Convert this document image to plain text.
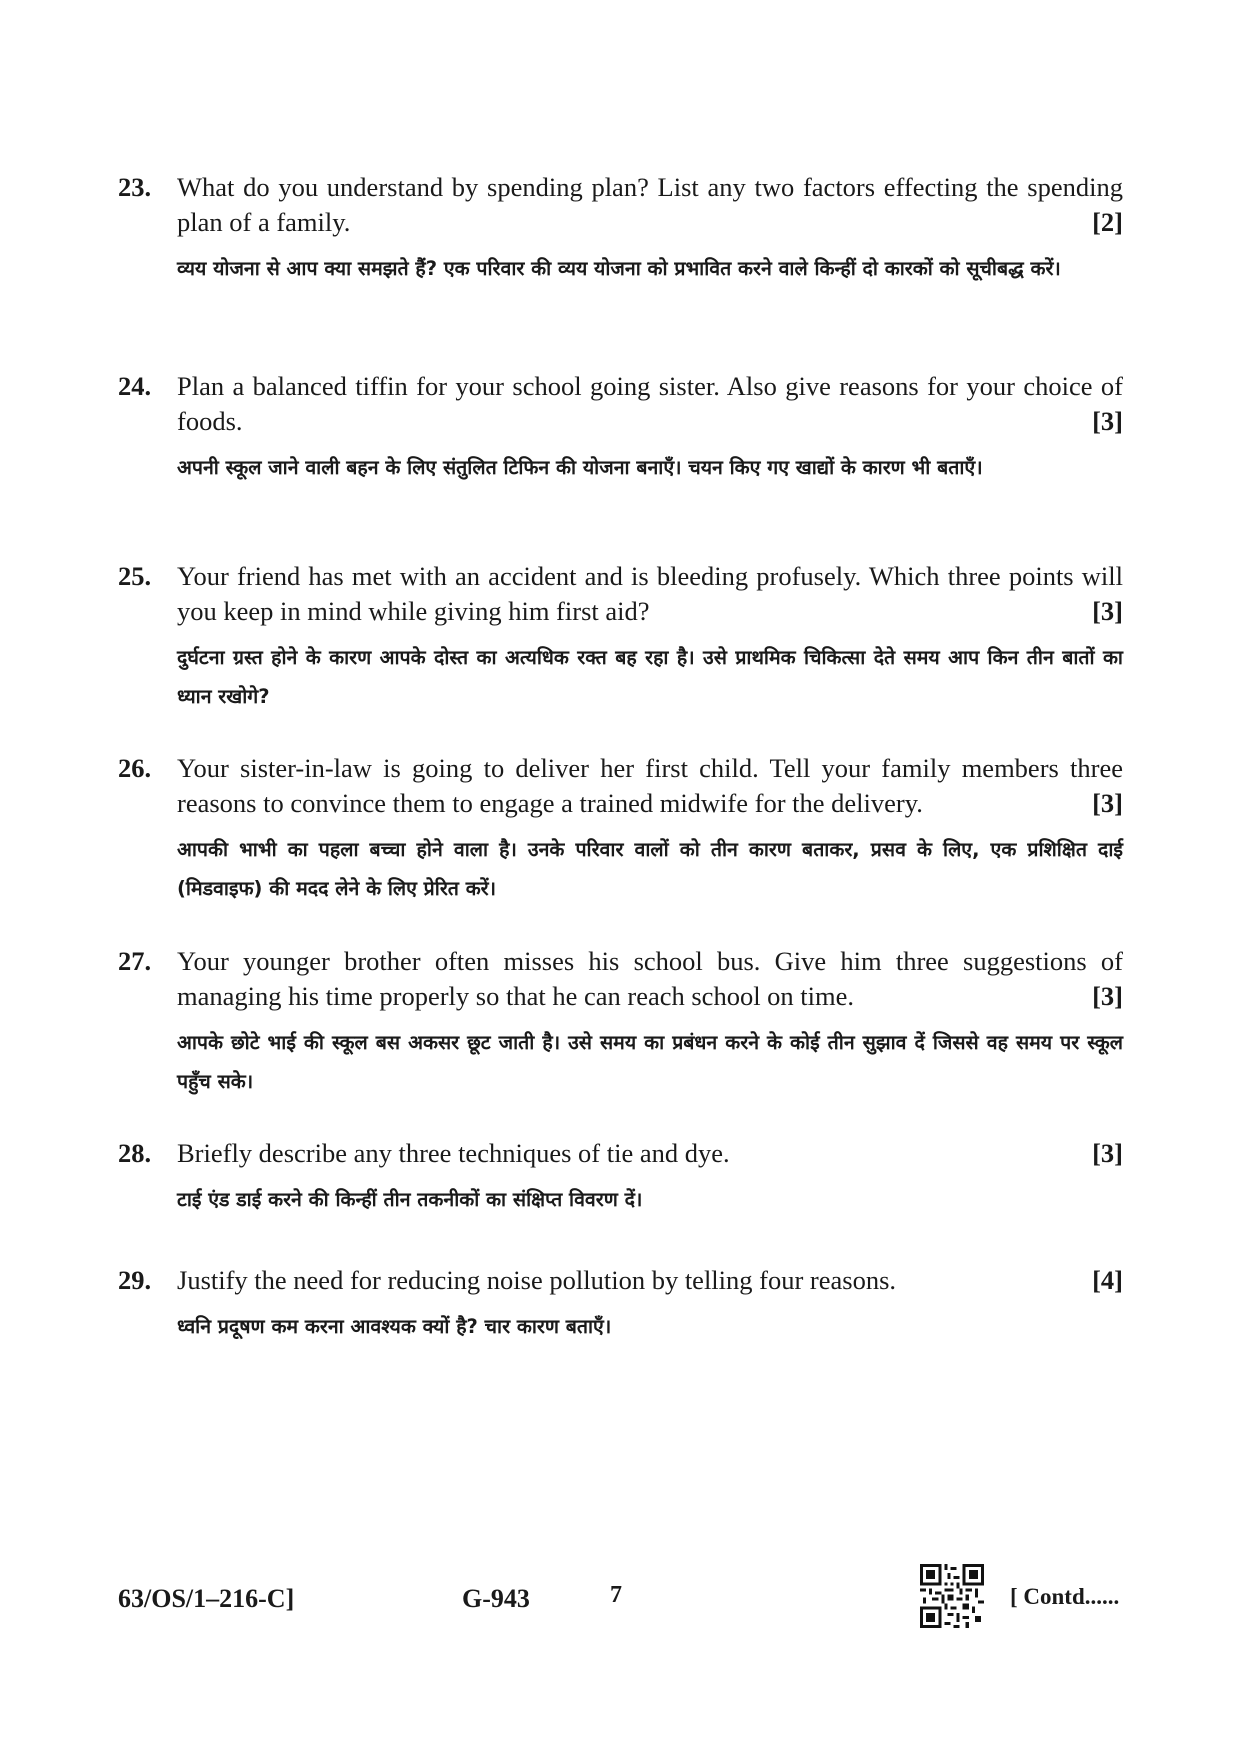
23. What do you understand by spending plan? List any two factors effecting the spending plan of a family.	[2]
व्यय योजना से आप क्या समझते हैं? एक परिवार की व्यय योजना को प्रभावित करने वाले किन्हीं दो कारकों को सूचीबद्ध करें।
24. Plan a balanced tiffin for your school going sister. Also give reasons for your choice of foods.	[3]
अपनी स्कूल जाने वाली बहन के लिए संतुलित टिफिन की योजना बनाएँ। चयन किए गए खाद्यों के कारण भी बताएँ।
25. Your friend has met with an accident and is bleeding profusely. Which three points will you keep in mind while giving him first aid?	[3]
दुर्घटना ग्रस्त होने के कारण आपके दोस्त का अत्यधिक रक्त बह रहा है। उसे प्राथमिक चिकित्सा देते समय आप किन तीन बातों का ध्यान रखोगे?
26. Your sister-in-law is going to deliver her first child. Tell your family members three reasons to convince them to engage a trained midwife for the delivery.	[3]
आपकी भाभी का पहला बच्चा होने वाला है। उनके परिवार वालों को तीन कारण बताकर, प्रसव के लिए, एक प्रशिक्षित दाई (मिडवाइफ) की मदद लेने के लिए प्रेरित करें।
27. Your younger brother often misses his school bus. Give him three suggestions of managing his time properly so that he can reach school on time.	[3]
आपके छोटे भाई की स्कूल बस अकसर छूट जाती है। उसे समय का प्रबंधन करने के कोई तीन सुझाव दें जिससे वह समय पर स्कूल पहुँच सके।
28. Briefly describe any three techniques of tie and dye.	[3]
टाई एंड डाई करने की किन्हीं तीन तकनीकों का संक्षिप्त विवरण दें।
29. Justify the need for reducing noise pollution by telling four reasons.	[4]
ध्वनि प्रदूषण कम करना आवश्यक क्यों है? चार कारण बताएँ।
63/OS/1–216-C]	G-943	7	[ Contd......
